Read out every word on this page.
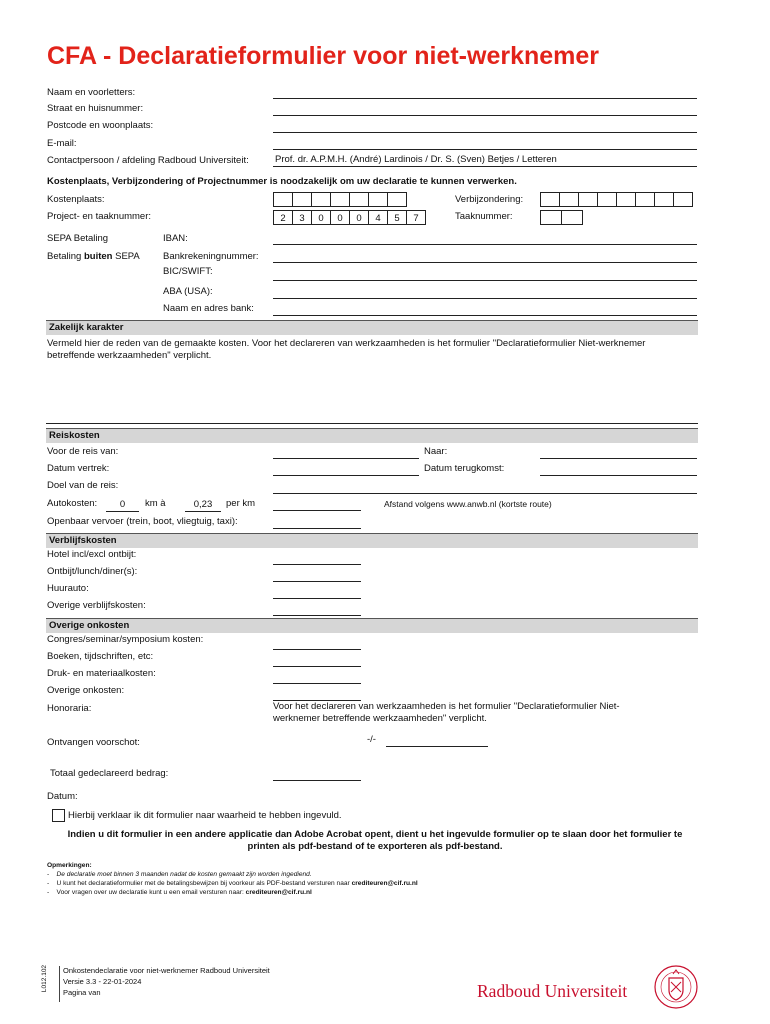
CFA - Declaratieformulier voor niet-werknemer
Naam en voorletters:
Straat en huisnummer:
Postcode en woonplaats:
E-mail:
Contactpersoon / afdeling Radboud Universiteit:	Prof. dr. A.P.M.H. (André) Lardinois / Dr. S. (Sven) Betjes / Letteren
Kostenplaats, Verbijzondering of Projectnummer is noodzakelijk om uw declaratie te kunnen verwerken.
Kostenplaats:	Verbijzondering:
Project- en taaknummer:	2	3	0	0	0	4	5	7	Taaknummer:
SEPA Betaling	IBAN:
Betaling buiten SEPA Bankrekeningnummer:
BIC/SWIFT:
ABA (USA):
Naam en adres bank:
Zakelijk karakter
Vermeld hier de reden van de gemaakte kosten. Voor het declareren van werkzaamheden is het formulier "Declaratieformulier Niet-werknemer betreffende werkzaamheden" verplicht.
Reiskosten
Voor de reis van:	Naar:
Datum vertrek:	Datum terugkomst:
Doel van de reis:
Autokosten:	0	km à	0,23	per km	Afstand volgens www.anwb.nl (kortste route)
Openbaar vervoer (trein, boot, vliegtuig, taxi):
Verblijfskosten
Hotel incl/excl ontbijt:
Ontbijt/lunch/diner(s):
Huurauto:
Overige verblijfskosten:
Overige onkosten
Congres/seminar/symposium kosten:
Boeken, tijdschriften, etc:
Druk- en materiaalkosten:
Overige onkosten:
Honoraria:	Voor het declareren van werkzaamheden is het formulier "Declaratieformulier Niet-werknemer betreffende werkzaamheden" verplicht.
Ontvangen voorschot:	-/-
Totaal gedeclareerd bedrag:
Datum:
Hierbij verklaar ik dit formulier naar waarheid te hebben ingevuld.
Indien u dit formulier in een andere applicatie dan Adobe Acrobat opent, dient u het ingevulde formulier op te slaan door het formulier te printen als pdf-bestand of te exporteren als pdf-bestand.
Opmerkingen:
-    De declaratie moet binnen 3 maanden nadat de kosten gemaakt zijn worden ingediend.
-    U kunt het declaratieformulier met de betalingsbewijzen bij voorkeur als PDF-bestand versturen naar crediteuren@cif.ru.nl
-    Voor vragen over uw declaratie kunt u een email versturen naar: crediteuren@cif.ru.nl
L012.102 Onkostendeclaratie voor niet-werknemer Radboud Universiteit
Versie 3.3 - 22-01-2024
Pagina van	Radboud Universiteit
